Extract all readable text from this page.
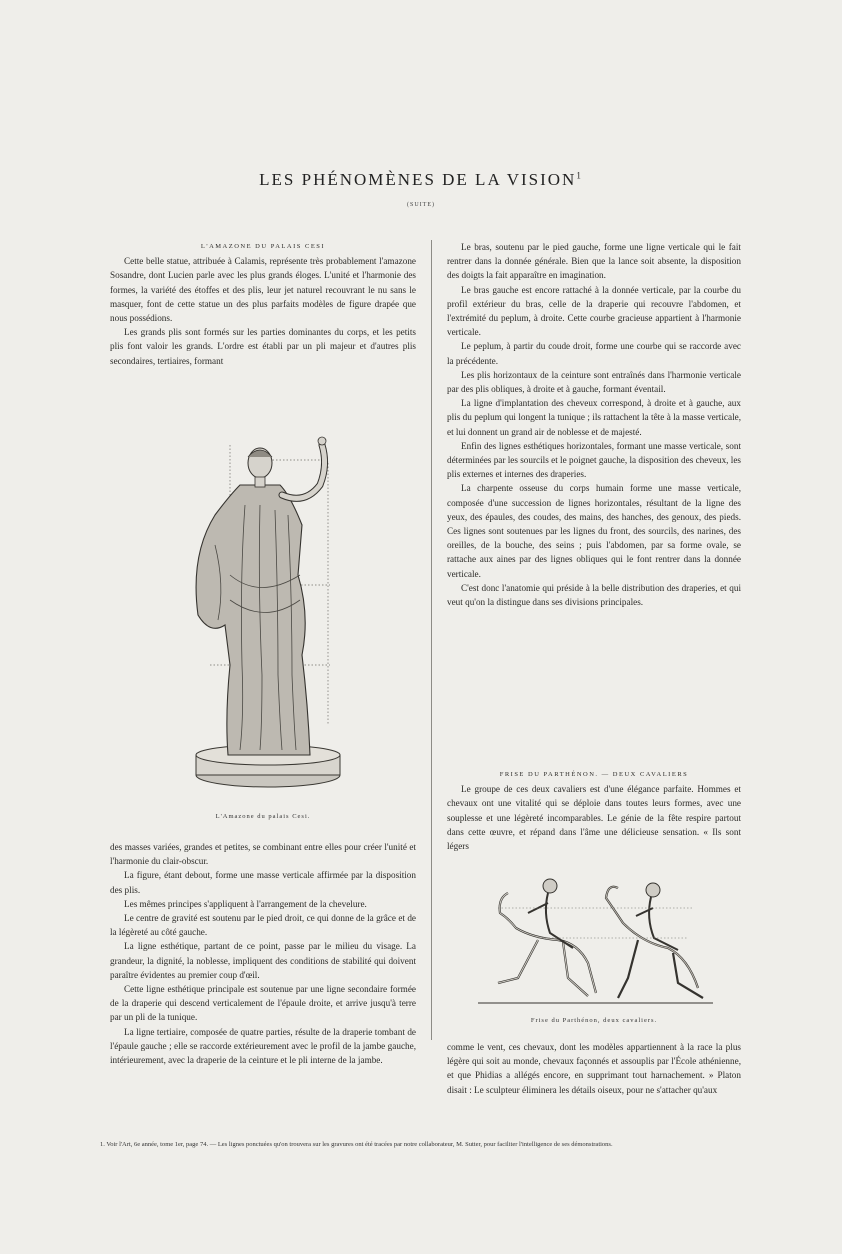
LES PHÉNOMÈNES DE LA VISION$^1$
(SUITE)

L'AMAZONE DU PALAIS CESI

Cette belle statue, attribuée à Calamis, représente très probablement l'amazone Sosandre, dont Lucien parle avec les plus grands éloges. L'unité et l'harmonie des formes, la variété des étoffes et des plis, leur jet naturel recouvrant le nu sans le masquer, font de cette statue un des plus parfaits modèles de figure drapée que nous possédions.

Les grands plis sont formés sur les parties dominantes du corps, et les petits plis font valoir les grands. L'ordre est établi par un pli majeur et d'autres plis secondaires, tertiaires, formant

L'Amazone du palais Cesi.

des masses variées, grandes et petites, se combinant entre elles pour créer l'unité et l'harmonie du clair-obscur.

La figure, étant debout, forme une masse verticale affirmée par la disposition des plis.

Les mêmes principes s'appliquent à l'arrangement de la chevelure.

Le centre de gravité est soutenu par le pied droit, ce qui donne de la grâce et de la légèreté au côté gauche.

La ligne esthétique, partant de ce point, passe par le milieu du visage. La grandeur, la dignité, la noblesse, impliquent des conditions de stabilité qui doivent paraître évidentes au premier coup d'œil.

Cette ligne esthétique principale est soutenue par une ligne secondaire formée de la draperie qui descend verticalement de l'épaule droite, et arrive jusqu'à terre par un pli de la tunique.

La ligne tertiaire, composée de quatre parties, résulte de la draperie tombant de l'épaule gauche ; elle se raccorde extérieurement avec le profil de la jambe gauche, intérieurement, avec la draperie de la ceinture et le pli interne de la jambe.

Le bras, soutenu par le pied gauche, forme une ligne verticale qui le fait rentrer dans la donnée générale. Bien que la lance soit absente, la disposition des doigts la fait apparaître en imagination.

Le bras gauche est encore rattaché à la donnée verticale, par la courbe du profil extérieur du bras, celle de la draperie qui recouvre l'abdomen, et l'extrémité du peplum, à droite. Cette courbe gracieuse appartient à l'harmonie verticale.

Le peplum, à partir du coude droit, forme une courbe qui se raccorde avec la précédente.

Les plis horizontaux de la ceinture sont entraînés dans l'harmonie verticale par des plis obliques, à droite et à gauche, formant éventail.

La ligne d'implantation des cheveux correspond, à droite et à gauche, aux plis du peplum qui longent la tunique ; ils rattachent la tête à la masse verticale, et lui donnent un grand air de noblesse et de majesté.

Enfin des lignes esthétiques horizontales, formant une masse verticale, sont déterminées par les sourcils et le poignet gauche, la disposition des cheveux, les plis externes et internes des draperies.

La charpente osseuse du corps humain forme une masse verticale, composée d'une succession de lignes horizontales, résultant de la ligne des yeux, des épaules, des coudes, des mains, des hanches, des genoux, des pieds. Ces lignes sont soutenues par les lignes du front, des sourcils, des narines, des oreilles, de la bouche, des seins ; puis l'abdomen, par sa forme ovale, se rattache aux aines par des lignes obliques qui le font rentrer dans la donnée verticale.

C'est donc l'anatomie qui préside à la belle distribution des draperies, et qui veut qu'on la distingue dans ses divisions principales.

FRISE DU PARTHÉNON. — DEUX CAVALIERS

Le groupe de ces deux cavaliers est d'une élégance parfaite. Hommes et chevaux ont une vitalité qui se déploie dans toutes leurs formes, avec une souplesse et une légèreté incomparables. Le génie de la fête respire partout dans cette œuvre, et répand dans l'âme une délicieuse sensation. « Ils sont légers

Frise du Parthénon, deux cavaliers.

comme le vent, ces chevaux, dont les modèles appartiennent à la race la plus légère qui soit au monde, chevaux façonnés et assouplis par l'École athénienne, et que Phidias a allégés encore, en supprimant tout harnachement. » Platon disait : Le sculpteur éliminera les détails oiseux, pour ne s'attacher qu'aux

1. Voir l'Art, 6e année, tome 1er, page 74. — Les lignes ponctuées qu'on trouvera sur les gravures ont été tracées par notre collaborateur, M. Sutter, pour faciliter l'intelligence de ses démonstrations.
